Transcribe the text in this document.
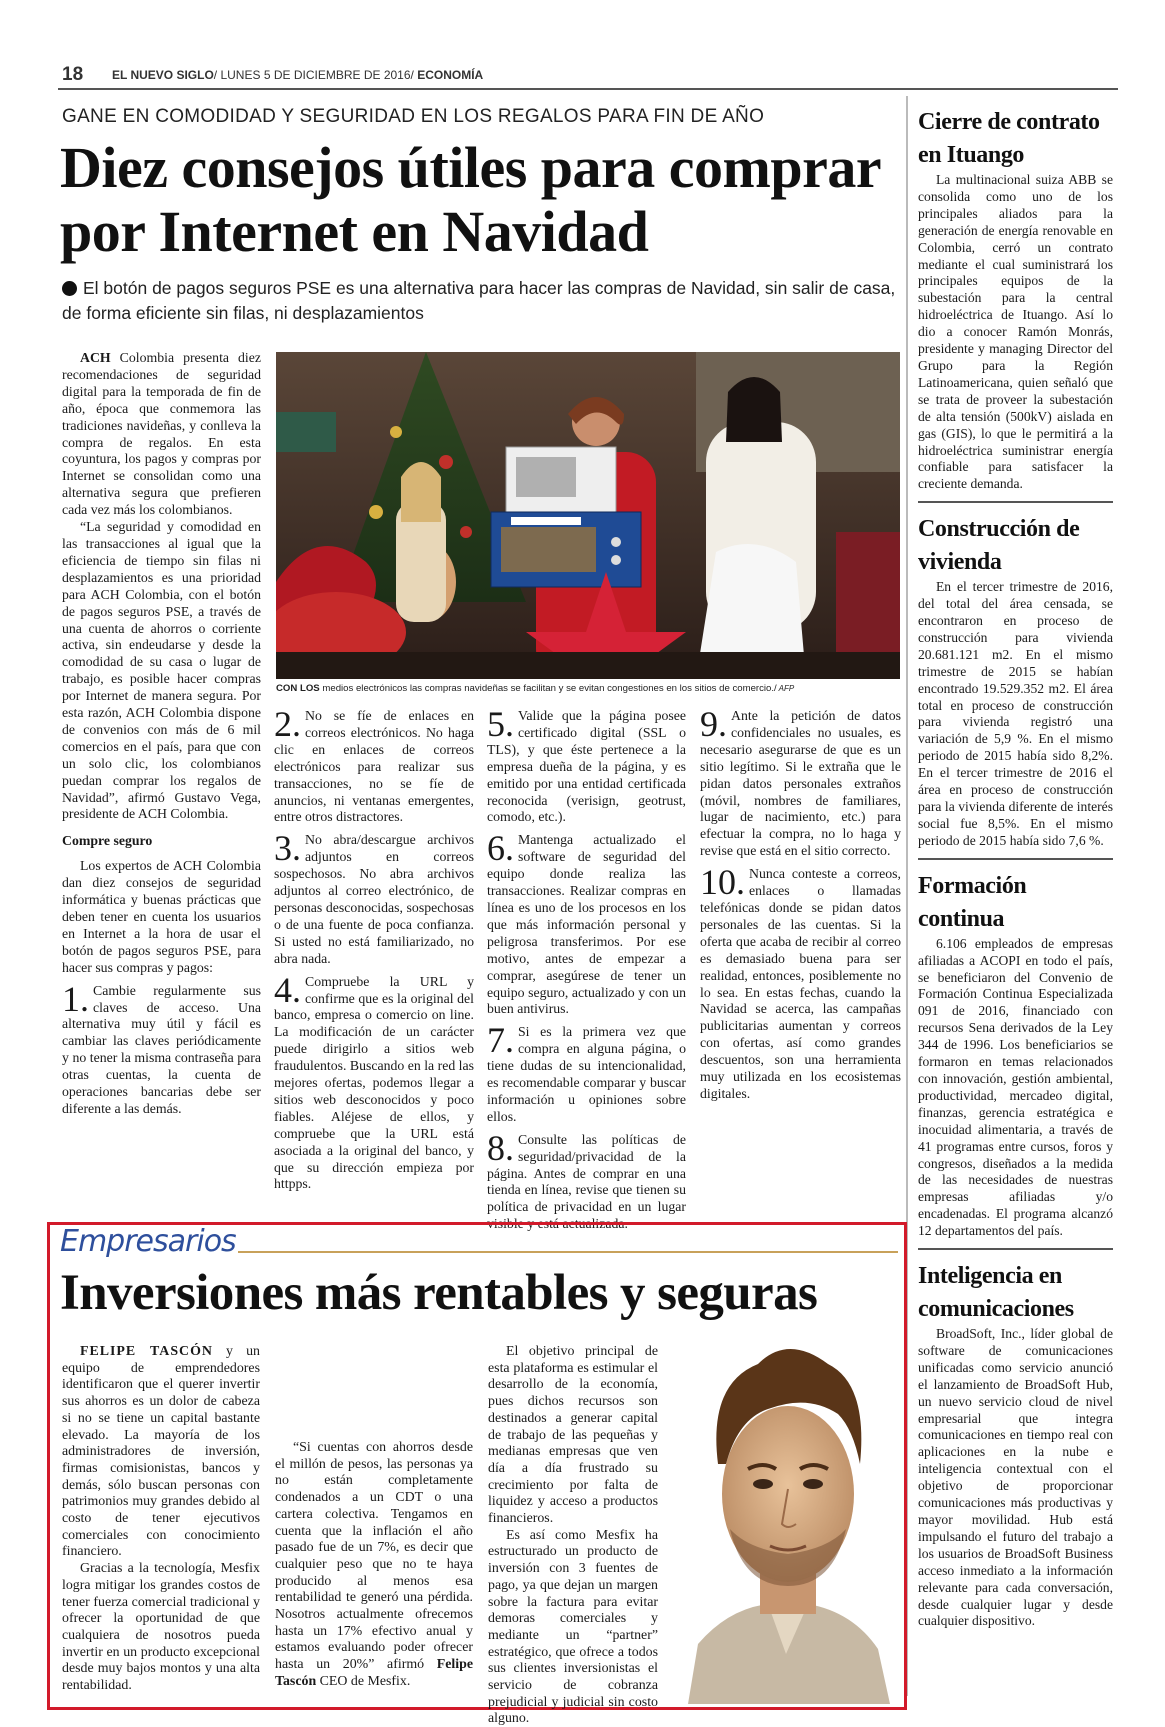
18 EL NUEVO SIGLO/ LUNES 5 DE DICIEMBRE DE 2016/ ECONOMÍA
GANE EN COMODIDAD Y SEGURIDAD EN LOS REGALOS PARA FIN DE AÑO
Diez consejos útiles para comprar por Internet en Navidad
El botón de pagos seguros PSE es una alternativa para hacer las compras de Navidad, sin salir de casa, de forma eficiente sin filas, ni desplazamientos
CON LOS medios electrónicos las compras navideñas se facilitan y se evitan congestiones en los sitios de comercio./ AFP

ACH Colombia presenta diez recomendaciones de seguridad digital para la temporada de fin de año, época que conmemora las tradiciones navideñas, y conlleva la compra de regalos. En esta coyuntura, los pagos y compras por Internet se consolidan como una alternativa segura que prefieren cada vez más los colombianos.

“La seguridad y comodidad en las transacciones al igual que la eficiencia de tiempo sin filas ni desplazamientos es una prioridad para ACH Colombia, con el botón de pagos seguros PSE, a través de una cuenta de ahorros o corriente activa, sin endeudarse y desde la comodidad de su casa o lugar de trabajo, es posible hacer compras por Internet de manera segura. Por esta razón, ACH Colombia dispone de convenios con más de 6 mil comercios en el país, para que con un solo clic, los colombianos puedan comprar los regalos de Navidad”, afirmó Gustavo Vega, presidente de ACH Colombia.

Compre seguro

Los expertos de ACH Colombia dan diez consejos de seguridad informática y buenas prácticas que deben tener en cuenta los usuarios en Internet a la hora de usar el botón de pagos seguros PSE, para hacer sus compras y pagos:

1. Cambie regularmente sus claves de acceso. Una alternativa muy útil y fácil es cambiar las claves periódicamente y no tener la misma contraseña para otras cuentas, la cuenta de operaciones bancarias debe ser diferente a las demás.

2. No se fíe de enlaces en correos electrónicos. No haga clic en enlaces de correos electrónicos para realizar sus transacciones, no se fíe de anuncios, ni ventanas emergentes, entre otros distractores.

3. No abra/descargue archivos adjuntos en correos sospechosos. No abra archivos adjuntos al correo electrónico, de personas desconocidas, sospechosas o de una fuente de poca confianza. Si usted no está familiarizado, no abra nada.

4. Compruebe la URL y confirme que es la original del banco, empresa o comercio on line. La modificación de un carácter puede dirigirlo a sitios web fraudulentos. Buscando en la red las mejores ofertas, podemos llegar a sitios web desconocidos y poco fiables. Aléjese de ellos, y compruebe que la URL está asociada a la original del banco, y que su dirección empieza por httpps.

5. Valide que la página posee certificado digital (SSL o TLS), y que éste pertenece a la empresa dueña de la página, y es emitido por una entidad certificada reconocida (verisign, geotrust, comodo, etc.).

6. Mantenga actualizado el software de seguridad del equipo donde realiza las transacciones. Realizar compras en línea es uno de los procesos en los que más información personal y peligrosa transferimos. Por ese motivo, antes de empezar a comprar, asegúrese de tener un equipo seguro, actualizado y con un buen antivirus.

7. Si es la primera vez que compra en alguna página, o tiene dudas de su intencionalidad, es recomendable comparar y buscar información u opiniones sobre ellos.

8. Consulte las políticas de seguridad/privacidad de la página. Antes de comprar en una tienda en línea, revise que tienen su política de privacidad en un lugar visible y está actualizada.

9. Ante la petición de datos confidenciales no usuales, es necesario asegurarse de que es un sitio legítimo. Si le extraña que le pidan datos personales extraños (móvil, nombres de familiares, lugar de nacimiento, etc.) para efectuar la compra, no lo haga y revise que está en el sitio correcto.

10. Nunca conteste a correos, enlaces o llamadas telefónicas donde se pidan datos personales de las cuentas. Si la oferta que acaba de recibir al correo es demasiado buena para ser realidad, entonces, posiblemente no lo sea. En estas fechas, cuando la Navidad se acerca, las campañas publicitarias aumentan y correos con ofertas, así como grandes descuentos, son una herramienta muy utilizada en los ecosistemas digitales.

Cierre de contrato en Ituango
La multinacional suiza ABB se consolida como uno de los principales aliados para la generación de energía renovable en Colombia, cerró un contrato mediante el cual suministrará los principales equipos de la subestación para la central hidroeléctrica de Ituango. Así lo dio a conocer Ramón Monrás, presidente y managing Director del Grupo para la Región Latinoamericana, quien señaló que se trata de proveer la subestación de alta tensión (500kV) aislada en gas (GIS), lo que le permitirá a la hidroeléctrica suministrar energía confiable para satisfacer la creciente demanda.
Construcción de vivienda
En el tercer trimestre de 2016, del total del área censada, se encontraron en proceso de construcción para vivienda 20.681.121 m2. En el mismo trimestre de 2015 se habían encontrado 19.529.352 m2. El área total en proceso de construcción para vivienda registró una variación de 5,9 %. En el mismo periodo de 2015 había sido 8,2%. En el tercer trimestre de 2016 el área en proceso de construcción para la vivienda diferente de interés social fue 8,5%. En el mismo periodo de 2015 había sido 7,6 %.
Formación continua
6.106 empleados de empresas afiliadas a ACOPI en todo el país, se beneficiaron del Convenio de Formación Continua Especializada 091 de 2016, financiado con recursos Sena derivados de la Ley 344 de 1996. Los beneficiarios se formaron en temas relacionados con innovación, gestión ambiental, productividad, mercadeo digital, finanzas, gerencia estratégica e inocuidad alimentaria, a través de 41 programas entre cursos, foros y congresos, diseñados a la medida de las necesidades de nuestras empresas afiliadas y/o encadenadas. El programa alcanzó 12 departamentos del país.
Inteligencia en comunicaciones
BroadSoft, Inc., líder global de software de comunicaciones unificadas como servicio anunció el lanzamiento de BroadSoft Hub, un nuevo servicio cloud de nivel empresarial que integra comunicaciones en tiempo real con aplicaciones en la nube e inteligencia contextual con el objetivo de proporcionar comunicaciones más productivas y mayor movilidad. Hub está impulsando el futuro del trabajo a los usuarios de BroadSoft Business acceso inmediato a la información relevante para cada conversación, desde cualquier lugar y desde cualquier dispositivo.
Empresarios
Inversiones más rentables y seguras

FELIPE TASCÓN y un equipo de emprendedores identificaron que el querer invertir sus ahorros es un dolor de cabeza si no se tiene un capital bastante elevado. La mayoría de los administradores de inversión, firmas comisionistas, bancos y demás, sólo buscan personas con patrimonios muy grandes debido al costo de tener ejecutivos comerciales con conocimiento financiero.

Gracias a la tecnología, Mesfix logra mitigar los grandes costos de tener fuerza comercial tradicional y ofrecer la oportunidad de que cualquiera de nosotros pueda invertir en un producto excepcional desde muy bajos montos y una alta rentabilidad.

“Si cuentas con ahorros desde el millón de pesos, las personas ya no están completamente condenados a un CDT o una cartera colectiva. Tengamos en cuenta que la inflación el año pasado fue de un 7%, es decir que cualquier peso que no te haya producido al menos esa rentabilidad te generó una pérdida. Nosotros actualmente ofrecemos hasta un 17% efectivo anual y estamos evaluando poder ofrecer hasta un 20%” afirmó Felipe Tascón CEO de Mesfix.

El objetivo principal de esta plataforma es estimular el desarrollo de la economía, pues dichos recursos son destinados a generar capital de trabajo de las pequeñas y medianas empresas que ven día a día frustrado su crecimiento por falta de liquidez y acceso a productos financieros.

Es así como Mesfix ha estructurado un producto de inversión con 3 fuentes de pago, ya que dejan un margen sobre la factura para evitar demoras comerciales y mediante un “partner” estratégico, que ofrece a todos sus clientes inversionistas el servicio de cobranza prejudicial y judicial sin costo alguno.
